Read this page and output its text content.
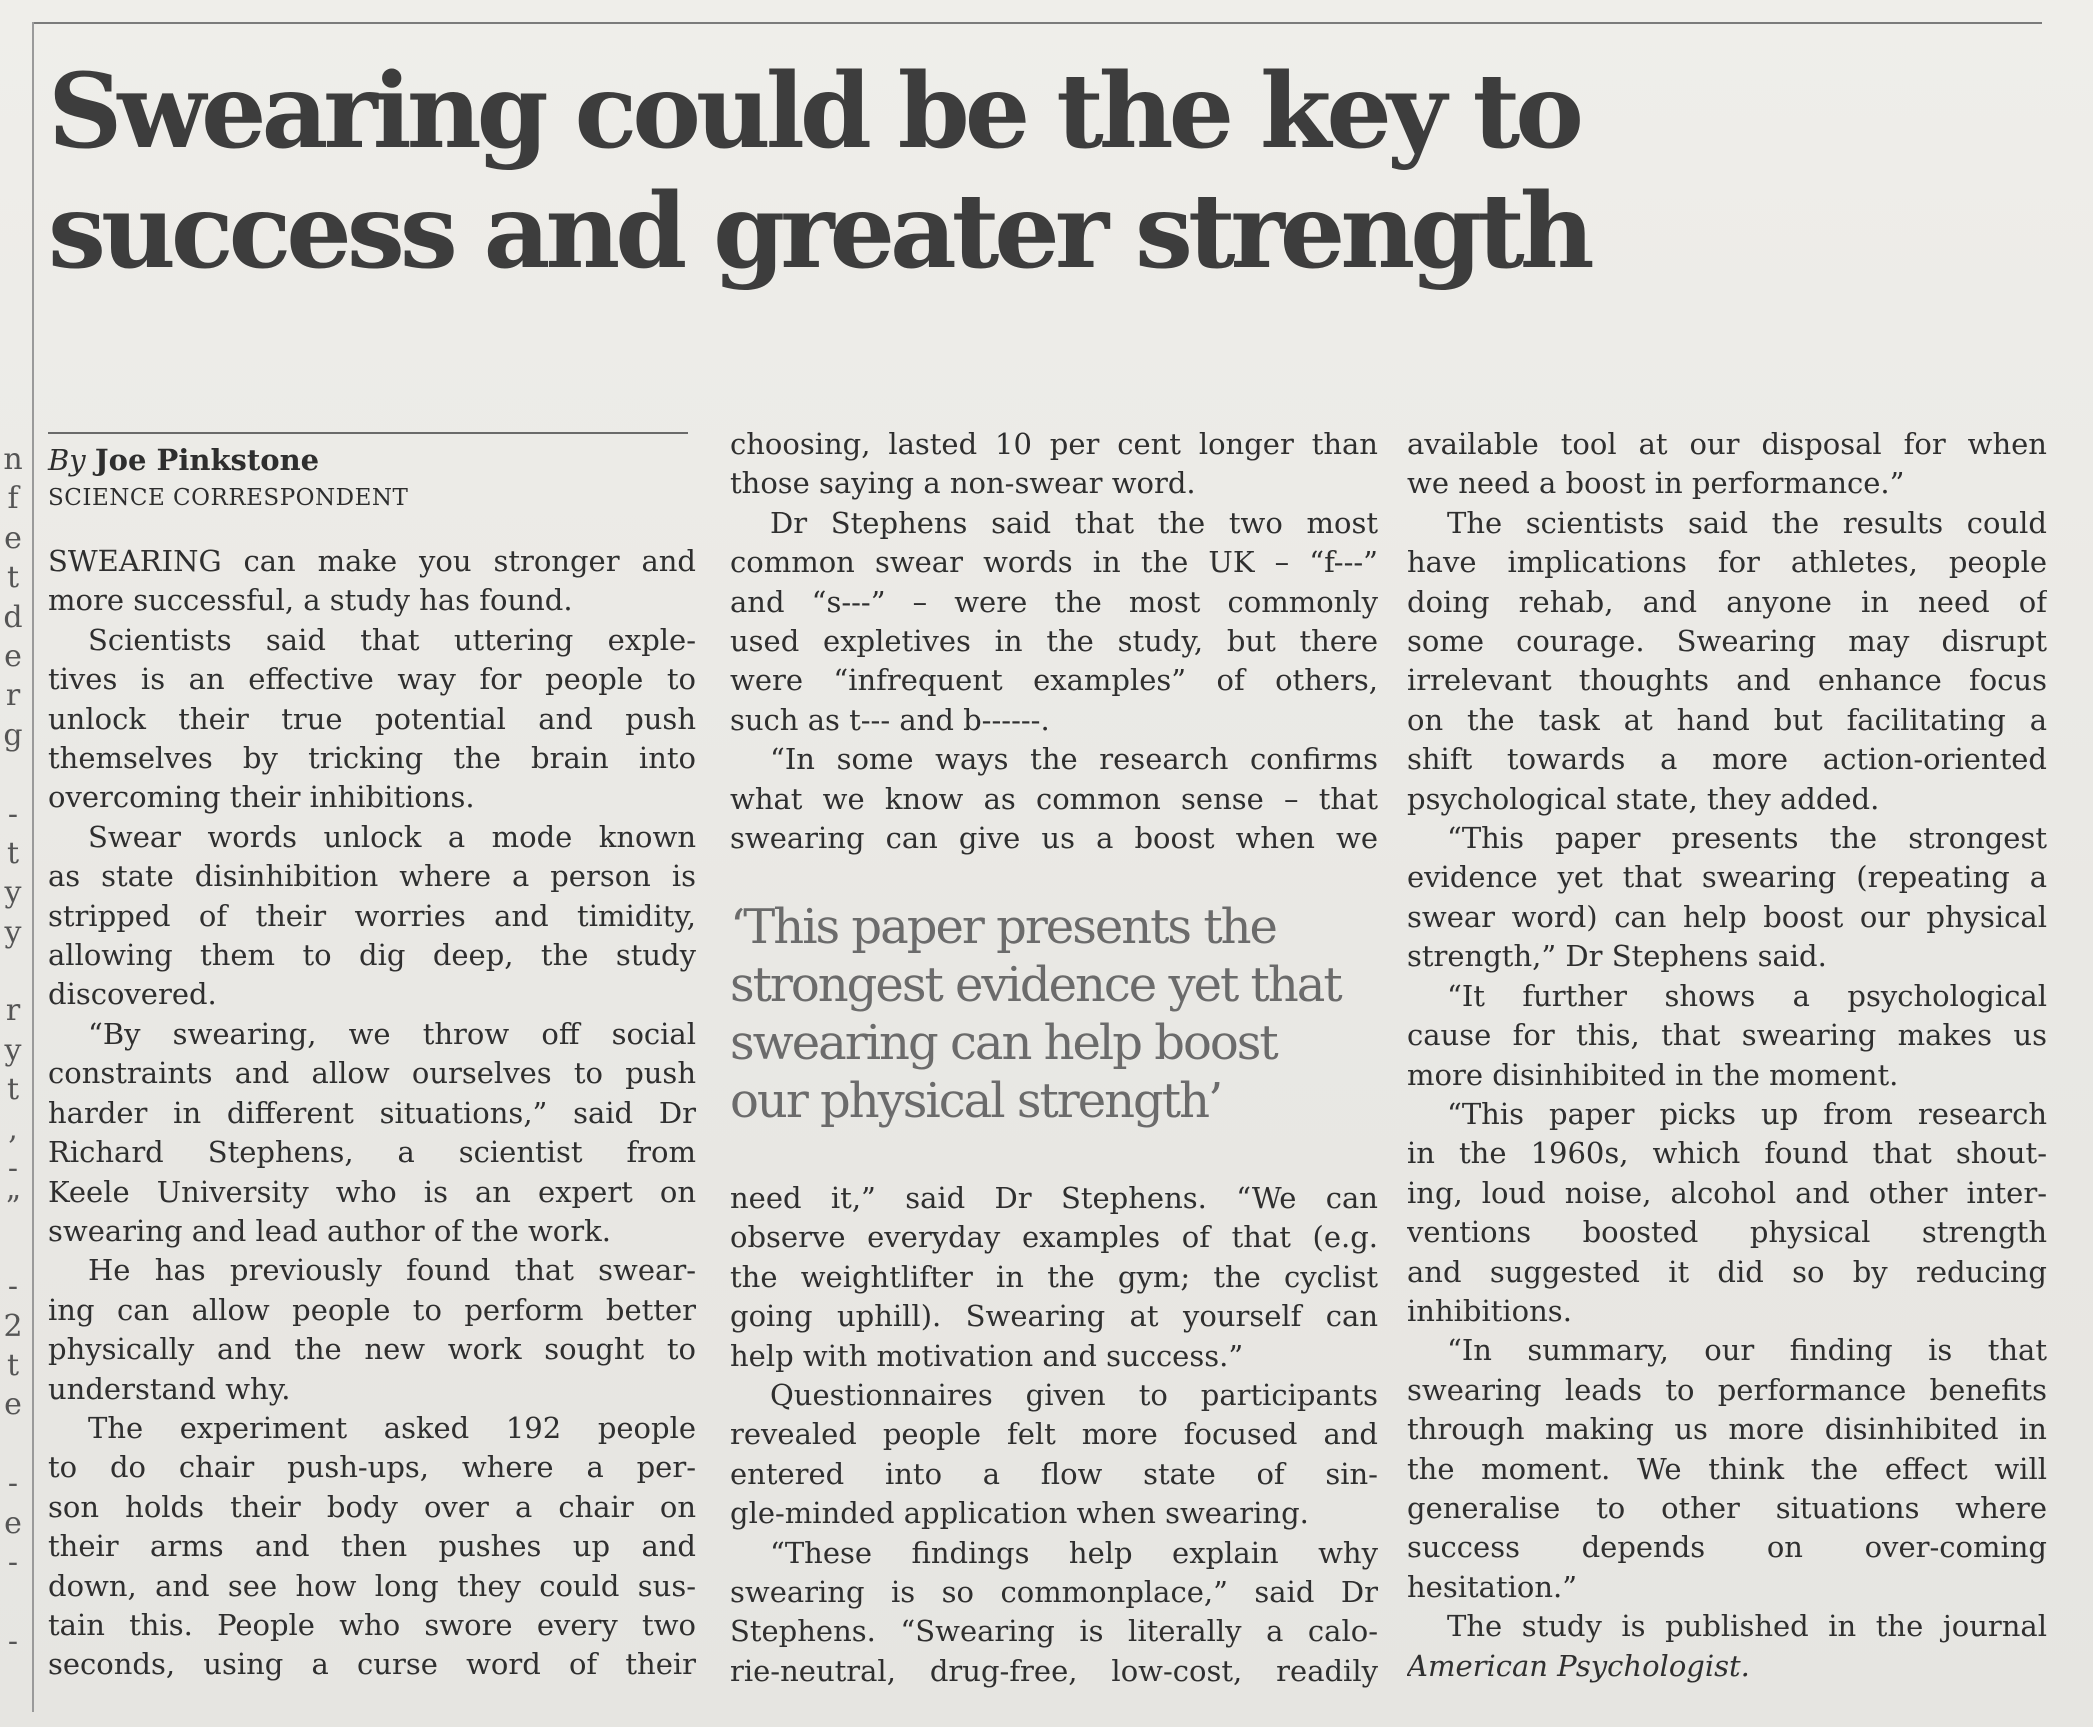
n
f
e
t
d
e
r
g
-
t
y
y
r
y
t
,
-
”
-
2
t
e
-
e
-
-
Swearing could be the key to
success and greater strength
By Joe Pinkstone
SCIENCE CORRESPONDENT
SWEARING can make you stronger and
more successful, a study has found.
Scientists said that uttering exple-
tives is an effective way for people to
unlock their true potential and push
themselves by tricking the brain into
overcoming their inhibitions.
Swear words unlock a mode known
as state disinhibition where a person is
stripped of their worries and timidity,
allowing them to dig deep, the study
discovered.
“By swearing, we throw off social
constraints and allow ourselves to push
harder in different situations,” said Dr
Richard Stephens, a scientist from
Keele University who is an expert on
swearing and lead author of the work.
He has previously found that swear-
ing can allow people to perform better
physically and the new work sought to
understand why.
The experiment asked 192 people
to do chair push-ups, where a per-
son holds their body over a chair on
their arms and then pushes up and
down, and see how long they could sus-
tain this. People who swore every two
seconds, using a curse word of their
choosing, lasted 10 per cent longer than
those saying a non-swear word.
Dr Stephens said that the two most
common swear words in the UK – “f---”
and “s---” – were the most commonly
used expletives in the study, but there
were “infrequent examples” of others,
such as t--- and b------.
“In some ways the research confirms
what we know as common sense – that
swearing can give us a boost when we
‘This paper presents the
strongest evidence yet that
swearing can help boost
our physical strength’
need it,” said Dr Stephens. “We can
observe everyday examples of that (e.g.
the weightlifter in the gym; the cyclist
going uphill). Swearing at yourself can
help with motivation and success.”
Questionnaires given to participants
revealed people felt more focused and
entered into a flow state of sin-
gle-minded application when swearing.
“These findings help explain why
swearing is so commonplace,” said Dr
Stephens. “Swearing is literally a calo-
rie-neutral, drug-free, low-cost, readily
available tool at our disposal for when
we need a boost in performance.”
The scientists said the results could
have implications for athletes, people
doing rehab, and anyone in need of
some courage. Swearing may disrupt
irrelevant thoughts and enhance focus
on the task at hand but facilitating a
shift towards a more action-oriented
psychological state, they added.
“This paper presents the strongest
evidence yet that swearing (repeating a
swear word) can help boost our physical
strength,” Dr Stephens said.
“It further shows a psychological
cause for this, that swearing makes us
more disinhibited in the moment.
“This paper picks up from research
in the 1960s, which found that shout-
ing, loud noise, alcohol and other inter-
ventions boosted physical strength
and suggested it did so by reducing
inhibitions.
“In summary, our finding is that
swearing leads to performance benefits
through making us more disinhibited in
the moment. We think the effect will
generalise to other situations where
success depends on over-coming
hesitation.”
The study is published in the journal
American Psychologist.
